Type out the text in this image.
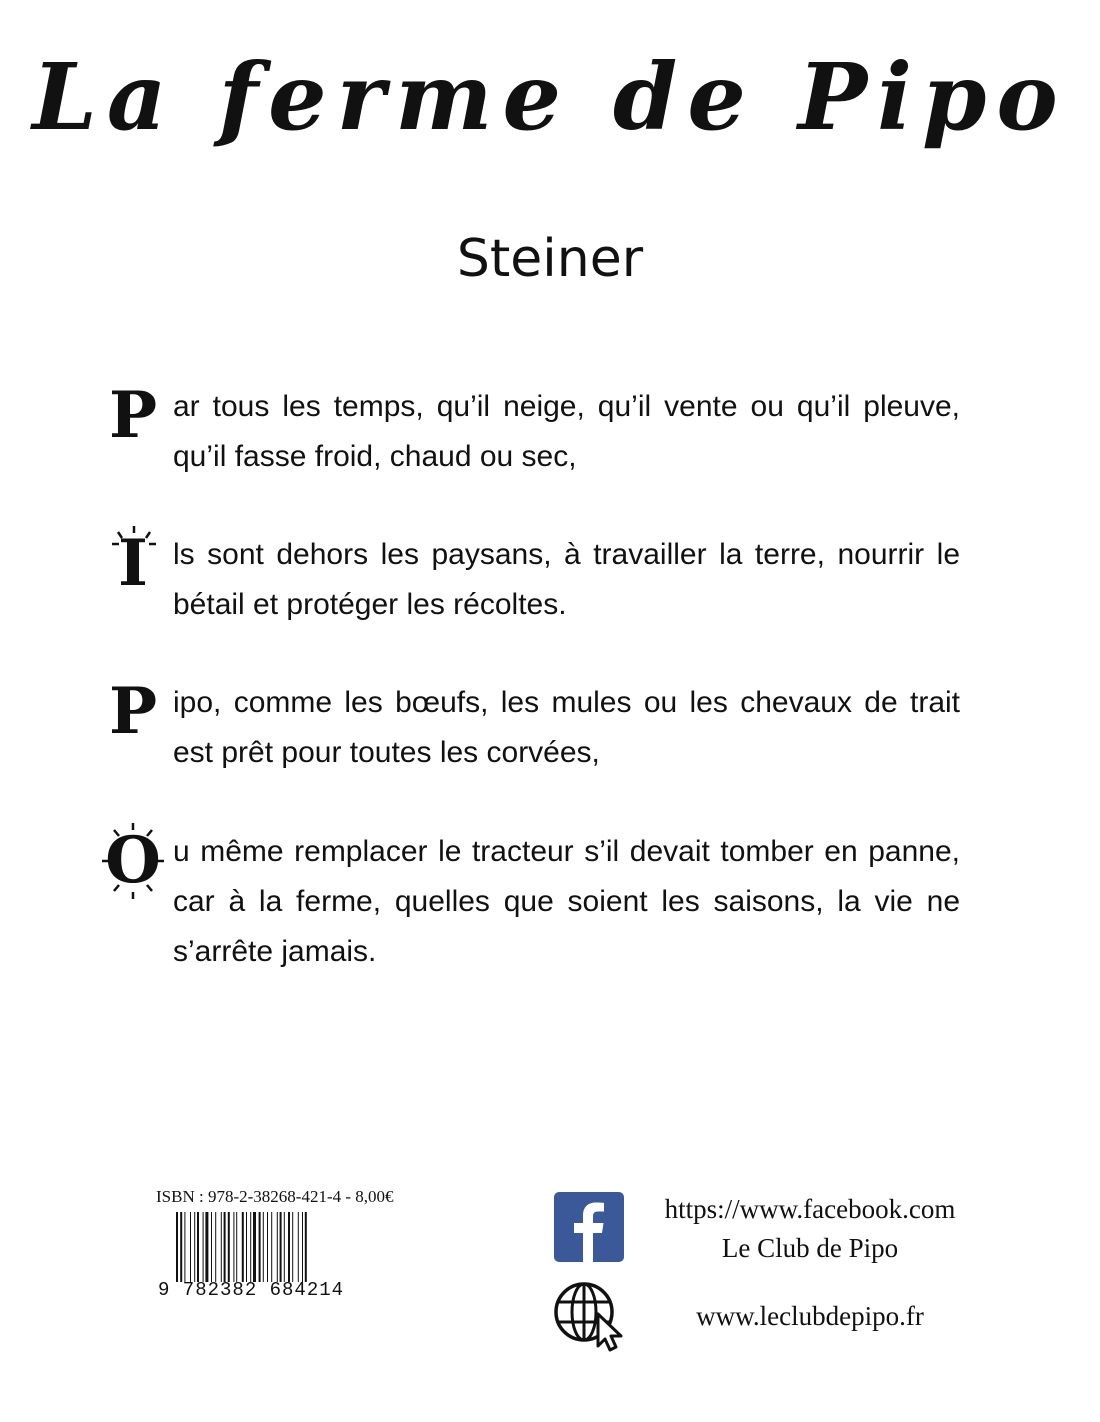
La ferme de Pipo
Steiner
P ar tous les temps, qu’il neige, qu’il vente ou qu’il pleuve, qu’il fasse froid, chaud ou sec,
I ls sont dehors les paysans, à travailler la terre, nourrir le bétail et protéger les récoltes.
P ipo, comme les bœufs, les mules ou les chevaux de trait est prêt pour toutes les corvées,
O u même remplacer le tracteur s’il devait tomber en panne, car à la ferme, quelles que soient les saisons, la vie ne s’arrête jamais.
ISBN : 978-2-38268-421-4 - 8,00€
9 782382 684214
https://www.facebook.com
Le Club de Pipo
www.leclubdepipo.fr
